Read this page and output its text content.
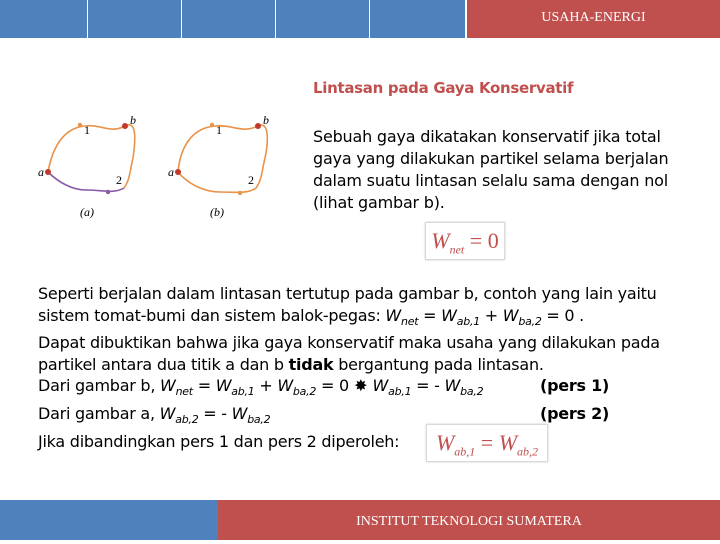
USAHA-ENERGI
Lintasan pada Gaya Konservatif
a
b
1
2
(a)
a
b
1
2
(b)
Sebuah gaya dikatakan konservatif jika total gaya yang dilakukan partikel selama berjalan dalam suatu lintasan selalu sama dengan nol (lihat gambar b).
$W_{net} = 0$

Seperti berjalan dalam lintasan tertutup pada gambar b, contoh yang lain yaitu

sistem tomat-bumi dan sistem balok-pegas: $W_{net} = W_{ab,1} + W_{ba,2} = 0$ .

Dapat dibuktikan bahwa jika gaya konservatif maka usaha yang dilakukan pada

partikel antara dua titik a dan b tidak bergantung pada lintasan.

Dari gambar b, $W_{net} = W_{ab,1} + W_{ba,2} = 0$ ✸ $W_{ab,1}$ = - $W_{ba,2}$	(pers 1)

Dari gambar a, $W_{ab,2}$ = - $W_{ba,2}$	(pers 2)

Jika dibandingkan pers 1 dan pers 2 diperoleh:	$W_{ab,1} = W_{ab,2}$
INSTITUT TEKNOLOGI SUMATERA
